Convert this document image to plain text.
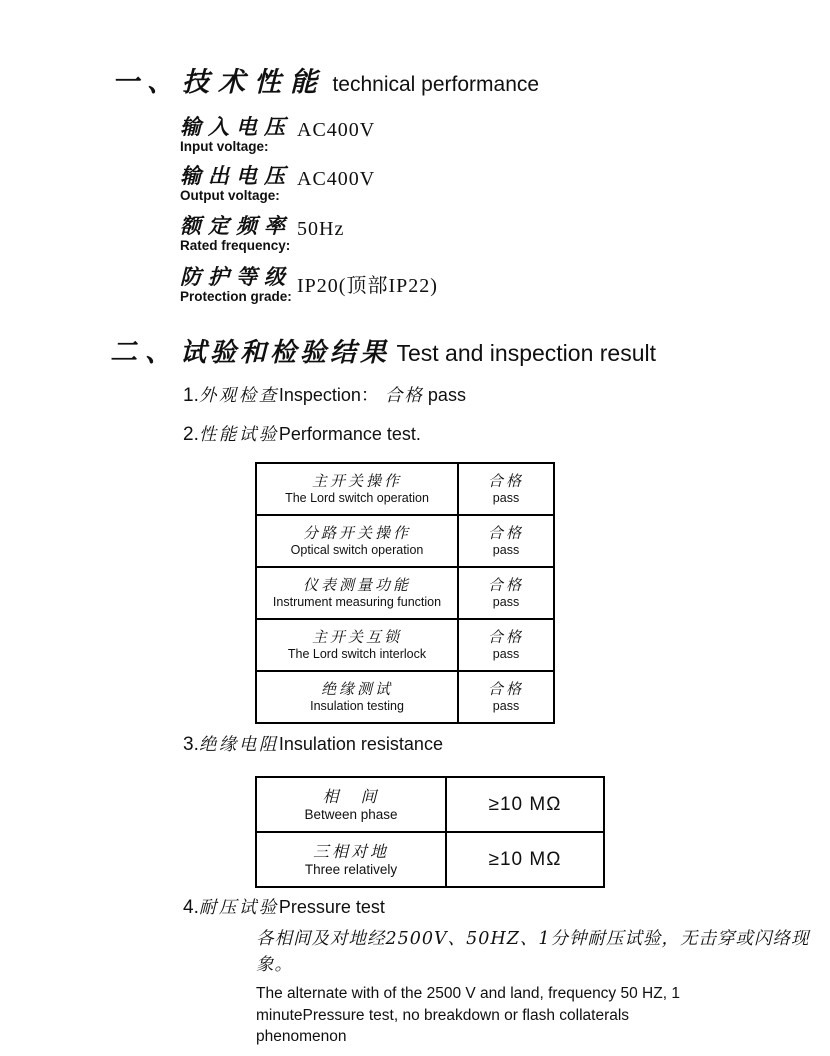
一、技术性能 technical performance
输入电压
Input voltage:
AC400V
输出电压
Output voltage:
AC400V
额定频率
Rated frequency:
50Hz
防护等级
Protection grade: IP20(顶部IP22)
二、试验和检验结果 Test and inspection result
1.外观检查Inspection： 合格 pass
2.性能试验Performance test.
主开关操作
The Lord switch operation

合格
pass

分路开关操作
Optical switch operation

合格
pass

仪表测量功能
Instrument measuring function

合格
pass

主开关互锁
The Lord switch interlock

合格
pass

绝缘测试
Insulation testing

合格
pass
3.绝缘电阻Insulation resistance
相　间
Between phase	≥10 MΩ

三相对地
Three relatively	≥10 MΩ
4.耐压试验Pressure test
各相间及对地经2500V、50HZ、1分钟耐压试验，无击穿或闪络现象。
The alternate with of the 2500 V and land, frequency 50 HZ, 1 minutePressure test, no breakdown or flash collaterals phenomenon
